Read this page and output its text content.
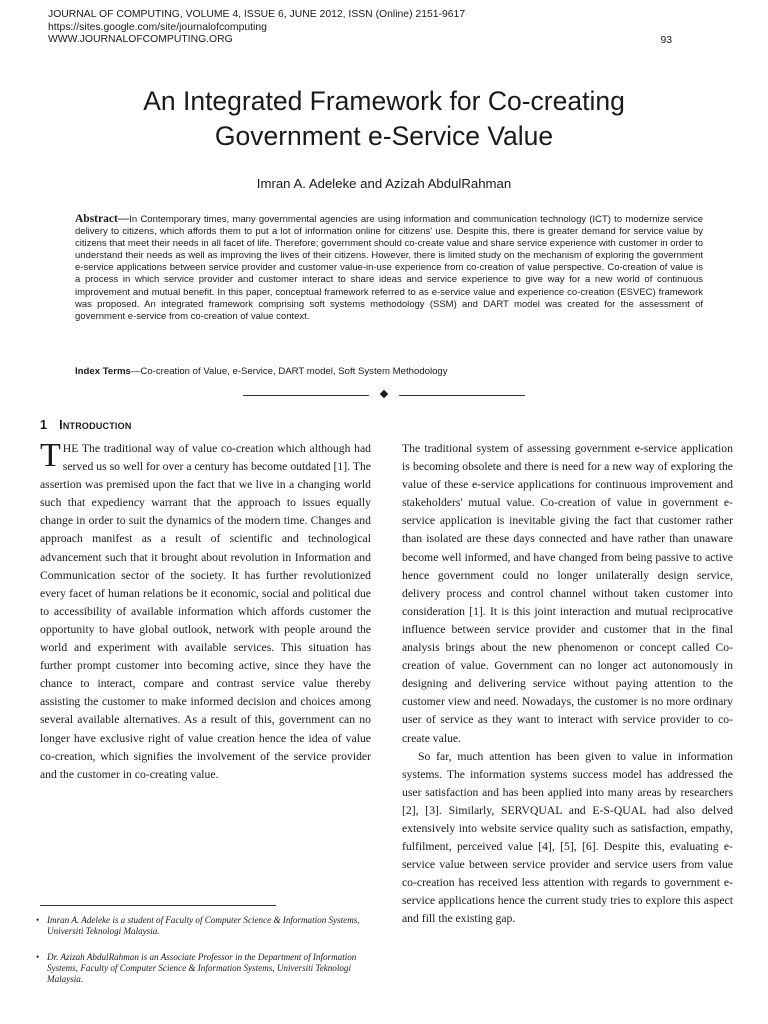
JOURNAL OF COMPUTING, VOLUME 4, ISSUE 6, JUNE 2012, ISSN (Online) 2151-9617
https://sites.google.com/site/journalofcomputing
WWW.JOURNALOFCOMPUTING.ORG	93
An Integrated Framework for Co-creating
Government e-Service Value
Imran A. Adeleke and Azizah AbdulRahman
Abstract—In Contemporary times, many governmental agencies are using information and communication technology (ICT) to modernize service delivery to citizens, which affords them to put a lot of information online for citizens' use. Despite this, there is greater demand for service value by citizens that meet their needs in all facet of life. Therefore; government should co-create value and share service experience with customer in order to understand their needs as well as improving the lives of their citizens. However, there is limited study on the mechanism of exploring the government e-service applications between service provider and customer value-in-use experience from co-creation of value perspective. Co-creation of value is a process in which service provider and customer interact to share ideas and service experience to give way for a new world of continuous improvement and mutual benefit. In this paper, conceptual framework referred to as e-service value and experience co-creation (ESVEC) framework was proposed. An integrated framework comprising soft systems methodology (SSM) and DART model was created for the assessment of government e-service from co-creation of value context.
Index Terms—Co-creation of Value, e-Service, DART model, Soft System Methodology
1 Introduction

THE The traditional way of value co-creation which although had served us so well for over a century has become outdated [1]. The assertion was premised upon the fact that we live in a changing world such that expediency warrant that the approach to issues equally change in order to suit the dynamics of the modern time. Changes and approach manifest as a result of scientific and technological advancement such that it brought about revolution in Information and Communication sector of the society. It has further revolutionized every facet of human relations be it economic, social and political due to accessibility of available information which affords customer the opportunity to have global outlook, network with people around the world and experiment with available services. This situation has further prompt customer into becoming active, since they have the chance to interact, compare and contrast service value thereby assisting the customer to make informed decision and choices among several available alternatives. As a result of this, government can no longer have exclusive right of value creation hence the idea of value co-creation, which signifies the involvement of the service provider and the customer in co-creating value.

The traditional system of assessing government e-service application is becoming obsolete and there is need for a new way of exploring the value of these e-service applications for continuous improvement and stakeholders' mutual value. Co-creation of value in government e-service application is inevitable giving the fact that customer rather than isolated are these days connected and have rather than unaware become well informed, and have changed from being passive to active hence government could no longer unilaterally design service, delivery process and control channel without taken customer into consideration [1]. It is this joint interaction and mutual reciprocative influence between service provider and customer that in the final analysis brings about the new phenomenon or concept called Co-creation of value. Government can no longer act autonomously in designing and delivering service without paying attention to the customer view and need. Nowadays, the customer is no more ordinary user of service as they want to interact with service provider to co-create value.

So far, much attention has been given to value in information systems. The information systems success model has addressed the user satisfaction and has been applied into many areas by researchers [2], [3]. Similarly, SERVQUAL and E-S-QUAL had also delved extensively into website service quality such as satisfaction, empathy, fulfilment, perceived value [4], [5], [6]. Despite this, evaluating e-service value between service provider and service users from value co-creation has received less attention with regards to government e-service applications hence the current study tries to explore this aspect and fill the existing gap.

• Imran A. Adeleke is a student of Faculty of Computer Science & Information Systems, Universiti Teknologi Malaysia.
• Dr. Azizah AbdulRahman is an Associate Professor in the Department of Information Systems, Faculty of Computer Science & Information Systems, Universiti Teknologi Malaysia.
